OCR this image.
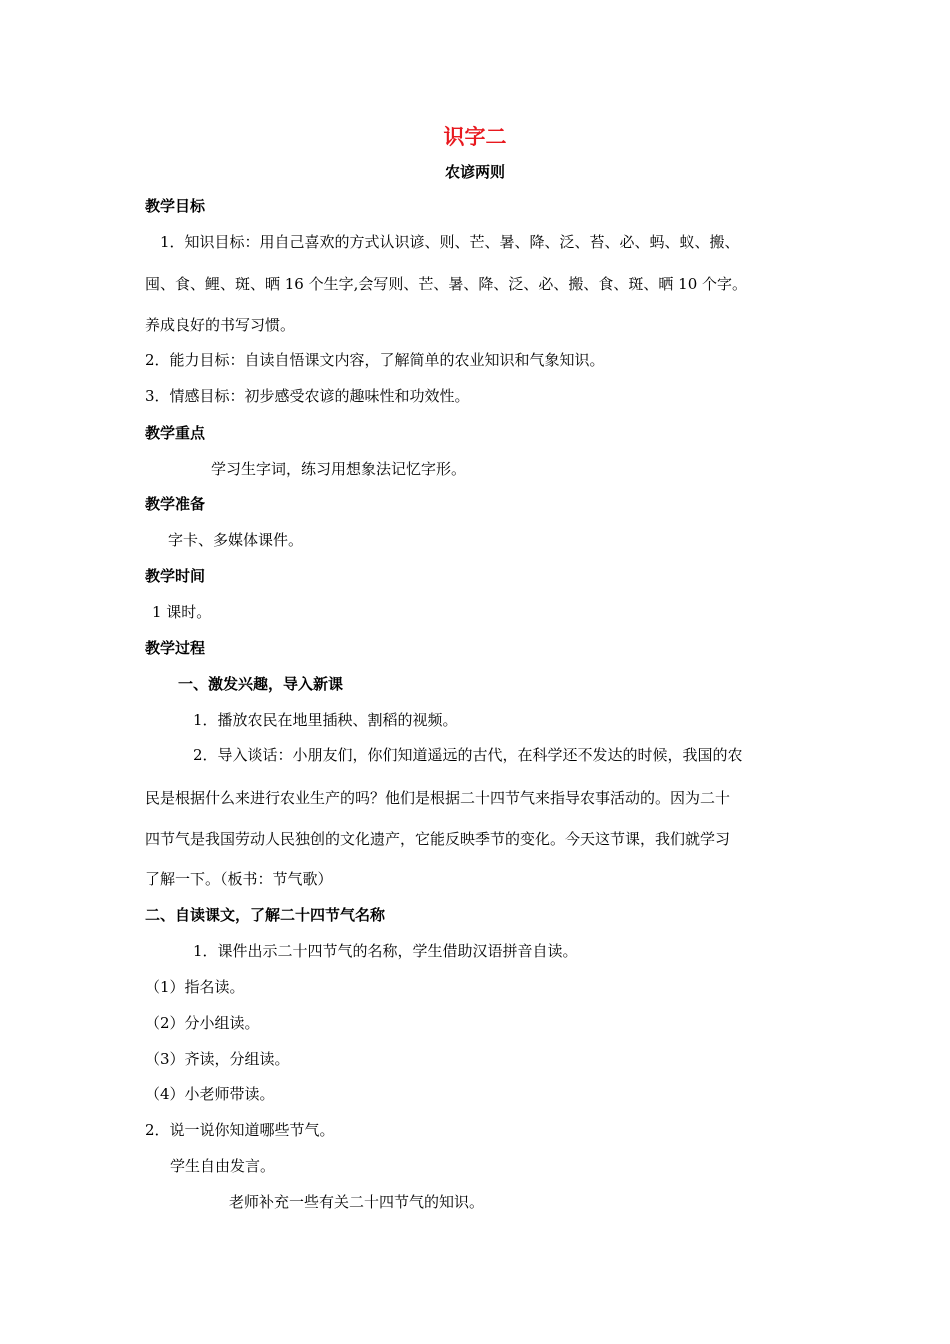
识字二
农谚两则
教学目标
1．知识目标：用自己喜欢的方式认识谚、则、芒、暑、降、泛、苔、必、蚂、蚁、搬、
囤、食、鲤、斑、晒 16 个生字,会写则、芒、暑、降、泛、必、搬、食、斑、晒 10 个字。
养成良好的书写习惯。
2．能力目标：自读自悟课文内容，了解简单的农业知识和气象知识。
3．情感目标：初步感受农谚的趣味性和功效性。
教学重点
学习生字词，练习用想象法记忆字形。
教学准备
字卡、多媒体课件。
教学时间
1 课时。
教学过程
一、激发兴趣，导入新课
1．播放农民在地里插秧、割稻的视频。
2．导入谈话：小朋友们，你们知道遥远的古代，在科学还不发达的时候，我国的农
民是根据什么来进行农业生产的吗？他们是根据二十四节气来指导农事活动的。因为二十
四节气是我国劳动人民独创的文化遗产，它能反映季节的变化。今天这节课，我们就学习
了解一下。（板书：节气歌）
二、自读课文，了解二十四节气名称
1．课件出示二十四节气的名称，学生借助汉语拼音自读。
（1）指名读。
（2）分小组读。
（3）齐读，分组读。
（4）小老师带读。
2．说一说你知道哪些节气。
学生自由发言。
老师补充一些有关二十四节气的知识。
